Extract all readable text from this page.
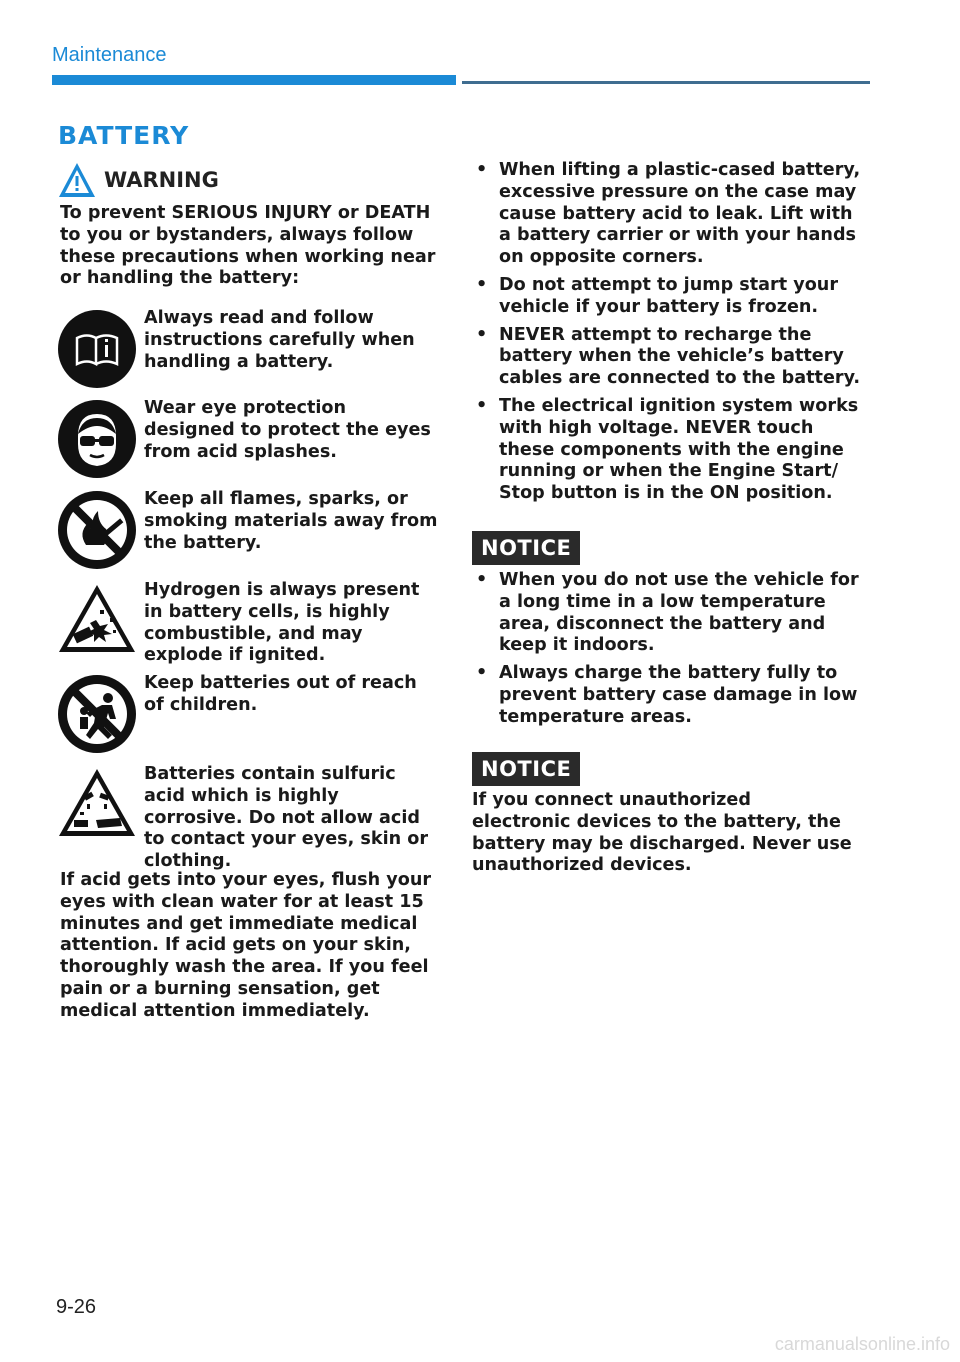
Maintenance
BATTERY
WARNING
To prevent SERIOUS INJURY or DEATH to you or bystanders, always follow these precautions when working near or handling the battery:
Always read and follow instructions carefully when handling a battery.
Wear eye protection designed to protect the eyes from acid splashes.
Keep all flames, sparks, or smoking materials away from the battery.
Hydrogen is always present in battery cells, is highly combustible, and may explode if ignited.
Keep batteries out of reach of children.
Batteries contain sulfuric acid which is highly corrosive. Do not allow acid to contact your eyes, skin or clothing.
If acid gets into your eyes, flush your eyes with clean water for at least 15 minutes and get immediate medical attention. If acid gets on your skin, thoroughly wash the area. If you feel pain or a burning sensation, get medical attention immediately.
• When lifting a plastic-cased battery, excessive pressure on the case may cause battery acid to leak. Lift with a battery carrier or with your hands on opposite corners.
• Do not attempt to jump start your vehicle if your battery is frozen.
• NEVER attempt to recharge the battery when the vehicle’s battery cables are connected to the battery.
• The electrical ignition system works with high voltage. NEVER touch these components with the engine running or when the Engine Start/ Stop button is in the ON position.
NOTICE
• When you do not use the vehicle for a long time in a low temperature area, disconnect the battery and keep it indoors.
• Always charge the battery fully to prevent battery case damage in low temperature areas.
NOTICE
If you connect unauthorized electronic devices to the battery, the battery may be discharged. Never use unauthorized devices.
9-26
carmanualsonline.info
